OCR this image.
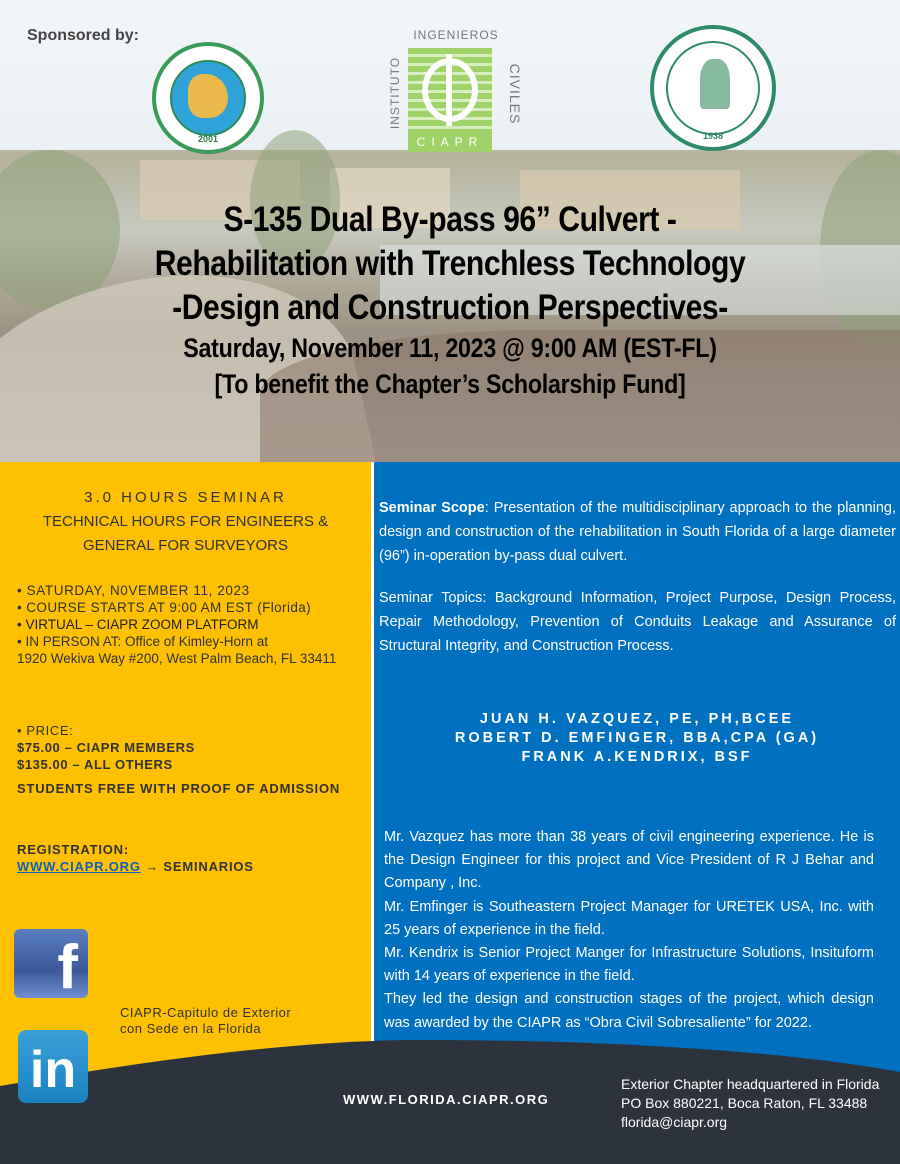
Sponsored by:
2001
INGENIEROS
INSTITUTO	CIVILES
CIAPR	1938
S-135 Dual By-pass 96” Culvert -
Rehabilitation with Trenchless Technology
-Design and Construction Perspectives-
Saturday, November 11, 2023 @ 9:00 AM (EST-FL)
[To benefit the Chapter’s Scholarship Fund]
3.0 HOURS SEMINAR
TECHNICAL HOURS FOR ENGINEERS &
GENERAL FOR SURVEYORS
• SATURDAY, N0VEMBER 11, 2023
• COURSE STARTS AT 9:00 AM EST (Florida)
• VIRTUAL – CIAPR ZOOM PLATFORM
• IN PERSON AT: Office of Kimley-Horn at
1920 Wekiva Way #200, West Palm Beach, FL 33411
• PRICE:
$75.00 – CIAPR MEMBERS
$135.00 – ALL OTHERS
STUDENTS FREE WITH PROOF OF ADMISSION
REGISTRATION:
WWW.CIAPR.ORG → SEMINARIOS
f
CIAPR-Capitulo de Exterior
con Sede en la Florida
Seminar Scope: Presentation of the multidisciplinary approach to the planning, design and construction of the rehabilitation in South Florida of a large diameter (96”) in-operation by-pass dual culvert.
Seminar Topics: Background Information, Project Purpose, Design Process, Repair Methodology, Prevention of Conduits Leakage and Assurance of Structural Integrity, and Construction Process.
JUAN H. VAZQUEZ, PE, PH,BCEE
ROBERT D. EMFINGER, BBA,CPA (GA)
FRANK A.KENDRIX, BSF

Mr. Vazquez has more than 38 years of civil engineering experience. He is the Design Engineer for this project and Vice President of R J Behar and Company , Inc.

Mr. Emfinger is Southeastern Project Manager for URETEK USA, Inc. with 25 years of experience in the field.

Mr. Kendrix is Senior Project Manger for Infrastructure Solutions, Insituform with 14 years of experience in the field.

They led the design and construction stages of the project, which design was awarded by the CIAPR as “Obra Civil Sobresaliente” for 2022.

in
WWW.FLORIDA.CIAPR.ORG
Exterior Chapter headquartered in Florida
PO Box 880221, Boca Raton, FL 33488
florida@ciapr.org
